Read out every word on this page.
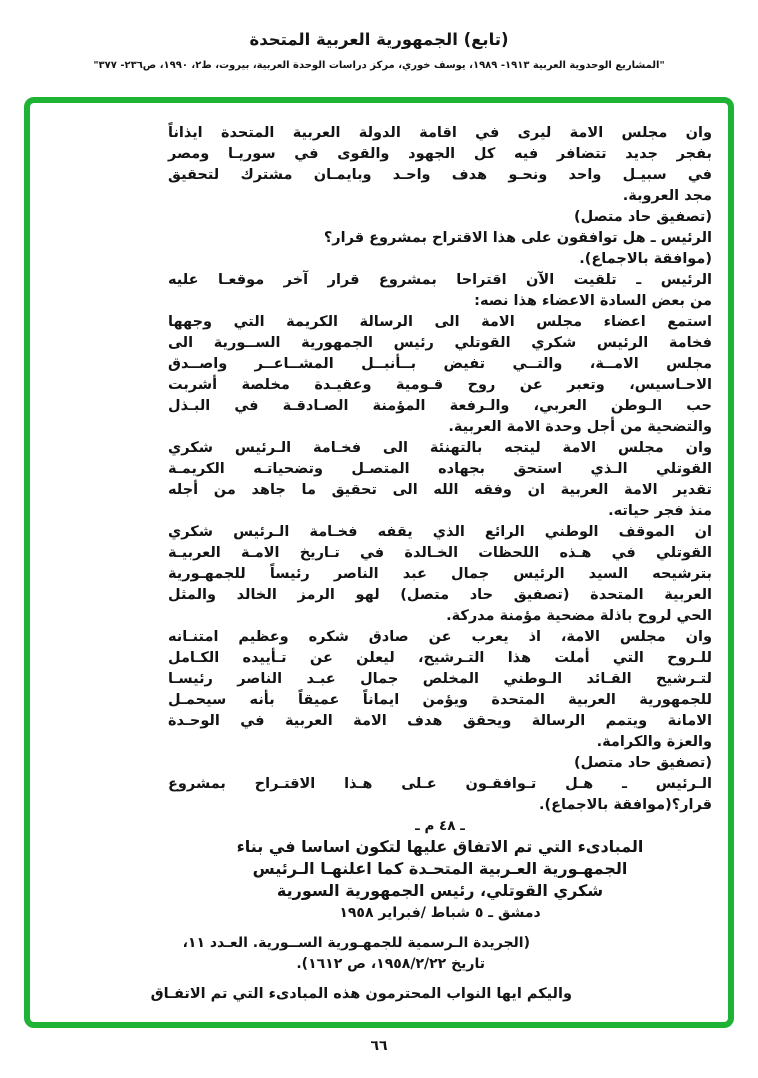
(تابع) الجمهورية العربية المتحدة
"المشاريع الوحدوية العربية ١٩١٣- ١٩٨٩، يوسف خوري، مركز دراسات الوحدة العربية، بيروت، ط٢، ١٩٩٠، ص٢٣٦- ٣٧٧"
وان مجلس الامة ليرى في اقامة الدولة العربية المتحدة ايذاناً
بفجر جديد تتضافر فيه كل الجهود والقوى في سوريـا ومصر
في سبيـل واحد ونحـو هدف واحـد وبايمـان مشترك لتحقيق
مجد العروبة.
(تصفيق حاد متصل)
الرئيس ـ هل توافقون على هذا الاقتراح بمشروع قرار؟
(موافقة بالاجماع).
الرئيس ـ تلقيت الآن اقتراحا بمشروع قرار آخر موقعـا عليه
من بعض السادة الاعضاء هذا نصه:
استمع اعضاء مجلس الامة الى الرسالة الكريمة التي وجهها
فخامة الرئيس شكري القوتلي رئيس الجمهورية الســورية الى
مجلس الامــة، والتــي تفيض بــأنبــل المشــاعــر واصــدق
الاحـاسيس، وتعبر عن روح قـومية وعقيـدة مخلصة أشربت
حب الـوطن العربي، والـرفعة المؤمنة الصـادقـة في البـذل
والتضحية من أجل وحدة الامة العربية.
وان مجلس الامة ليتجه بالتهنئة الى فخـامة الـرئيس شكري
القوتلي الـذي استحق بجهاده المتصـل وتضحياتـه الكريمـة
تقدير الامة العربية ان وفقه الله الى تحقيق ما جاهد من أجله
منذ فجر حياته.
ان الموقف الوطني الرائع الذي يقفه فخـامة الـرئيس شكري
القوتلي في هـذه اللحظات الخـالدة في تـاريخ الامـة العربيـة
بترشيحه السيد الرئيس جمال عبد الناصر رئيساً للجمهـورية
العربية المتحدة (تصفيق حاد متصل) لهو الرمز الخالد والمثل
الحي لروح باذلة مضحية مؤمنة مدركة.
وان مجلس الامة، اذ يعرب عن صادق شكره وعظيم امتنـانه
للـروح التي أملت هذا التـرشيح، ليعلن عن تـأييده الكـامل
لتـرشيح القـائد الـوطني المخلص جمال عبـد الناصر رئيسـا
للجمهورية العربية المتحدة ويؤمن ايماناً عميقاً بأنه سيحمـل
الامانة ويتمم الرسالة ويحقق هدف الامة العربية في الوحـدة
والعزة والكرامة.
(تصفيق حاد متصل)
الـرئيس ـ هـل تـوافقـون عـلى هـذا الاقتـراح بمشروع
قرار؟(موافقة بالاجماع).
ـ ٤٨ م ـ
المبادىء التي تم الاتفاق عليها لتكون اساسا في بناء
الجمهـورية العـربية المتحـدة كما اعلنهـا الـرئيس
شكري القوتلي، رئيس الجمهورية السورية
دمشق ـ ٥ شباط /فبراير ١٩٥٨
(الجريدة الـرسمية للجمهـورية الســورية. العـدد ١١،
تاريخ ١٩٥٨/٢/٢٢، ص ١٦١٢).
واليكم ايها النواب المحترمون هذه المبادىء التي تم الاتفـاق
٦٦
